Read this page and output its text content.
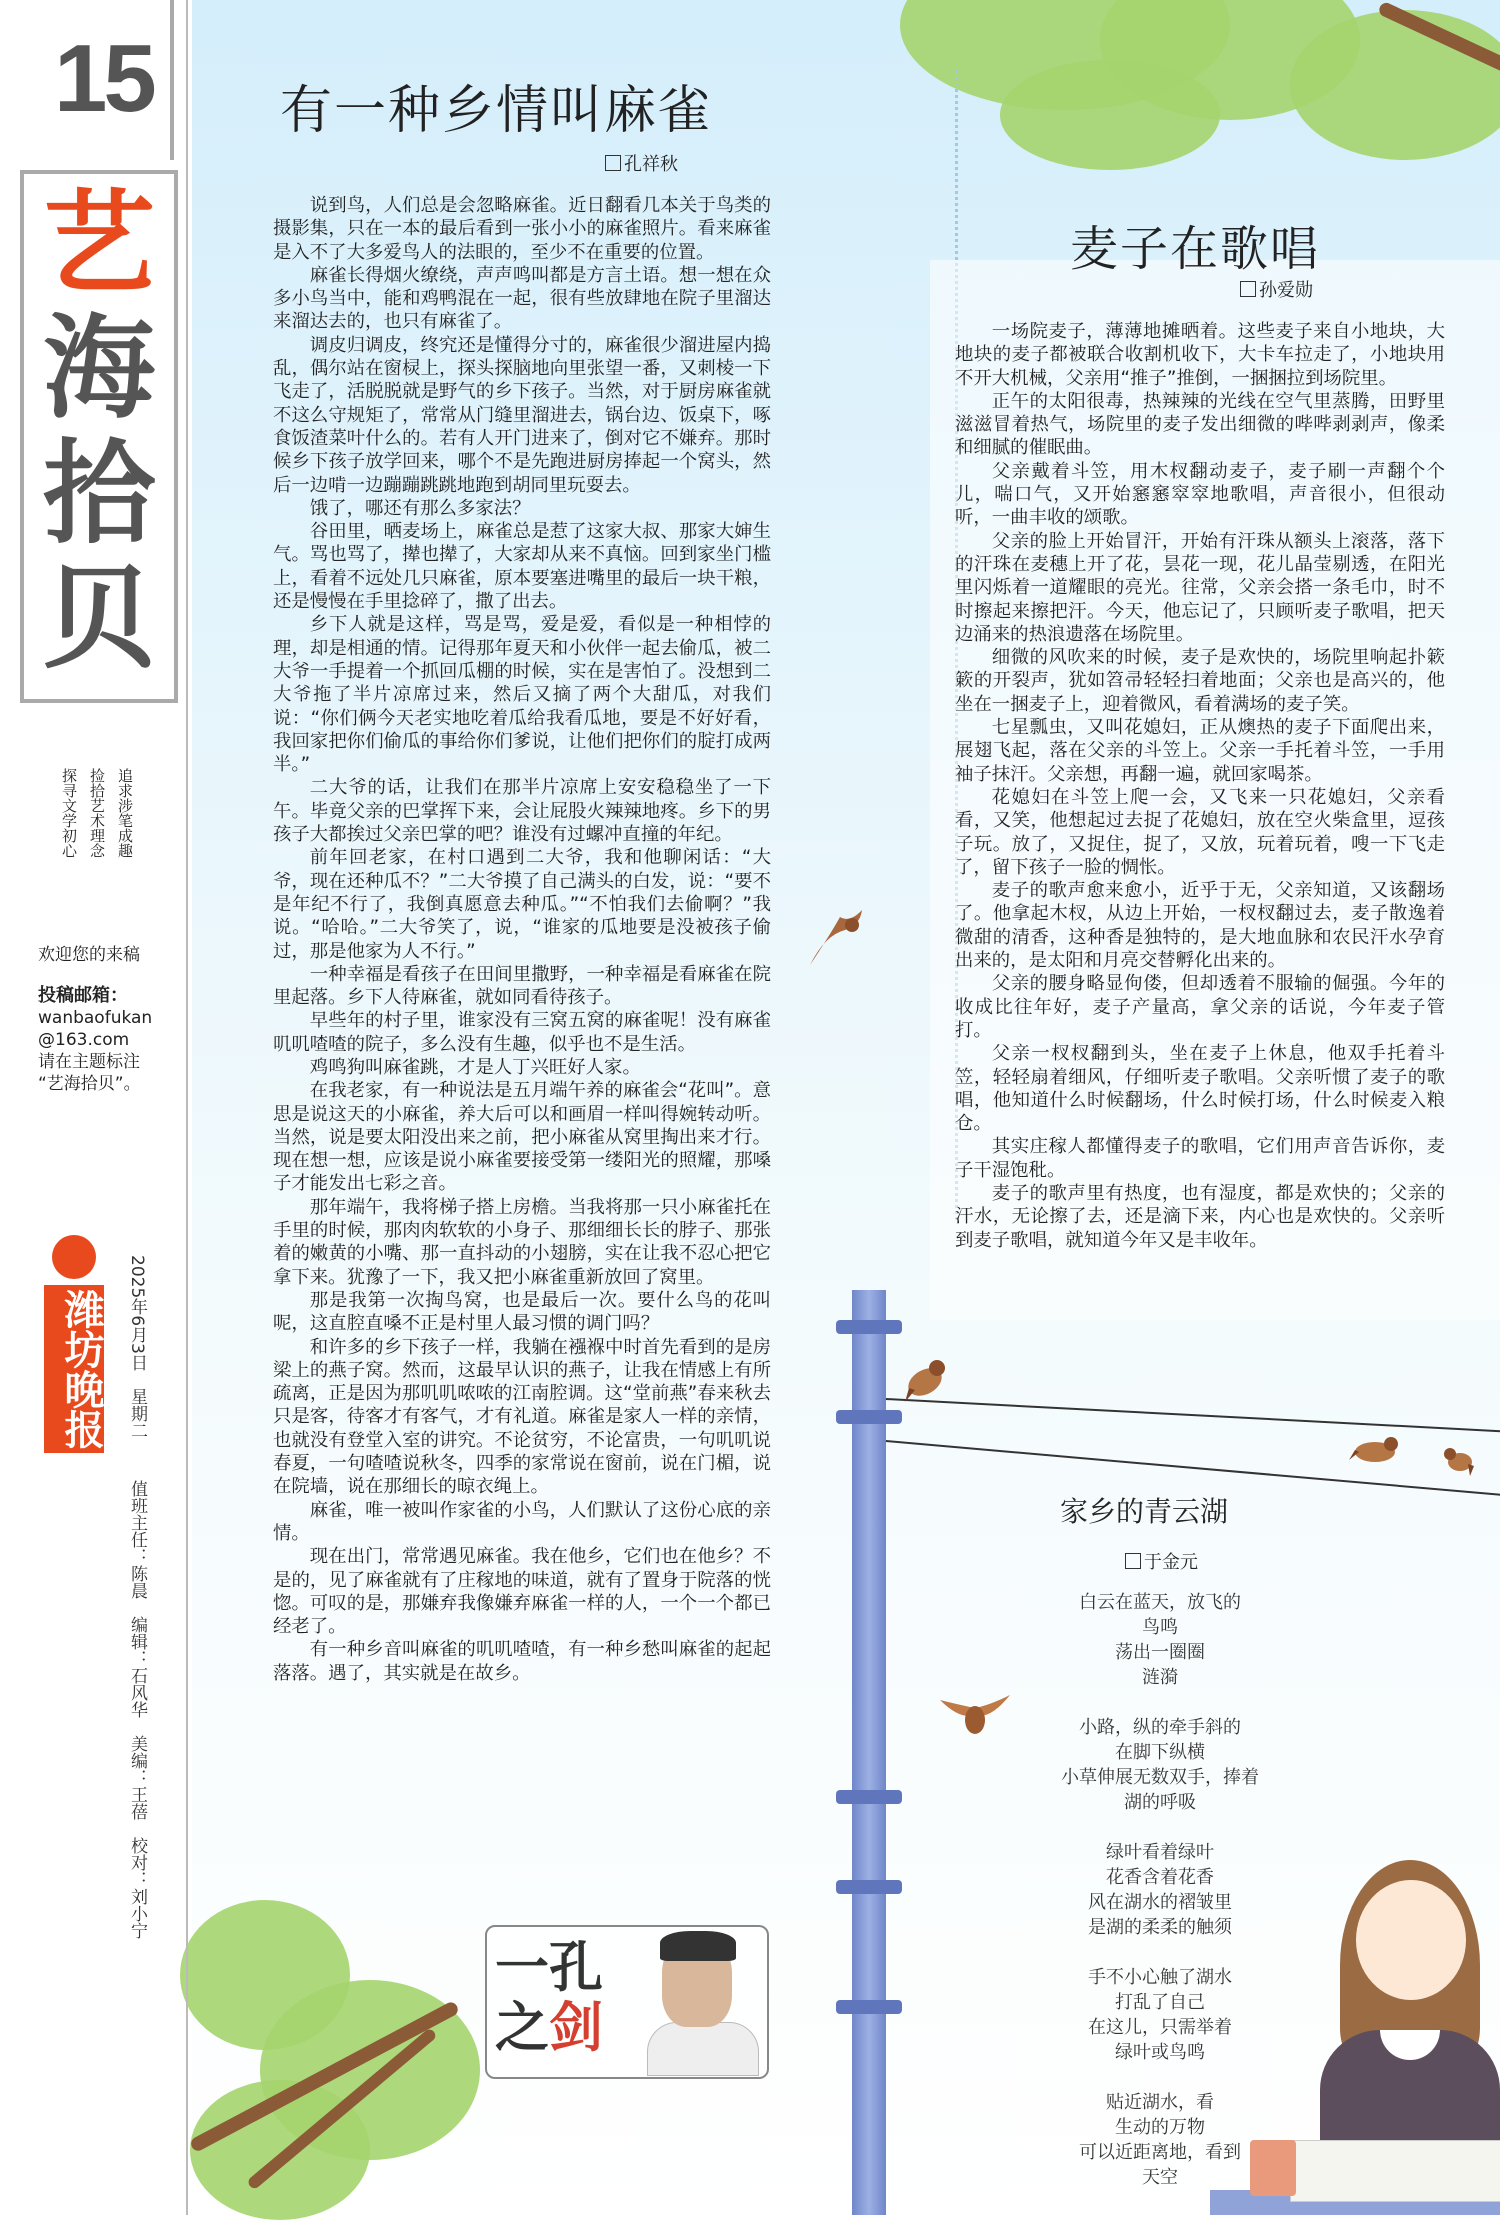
15
艺
海
拾
贝
追求涉笔成趣
捡拾艺术理念
探寻文学初心
欢迎您的来稿
投稿邮箱：
wanbaofukan
@163.com
请在主题标注
“艺海拾贝”。
潍坊晚报	2025年6月3日　星期二
值班主任：陈晨　编辑：石风华　美编：王蓓　校对：刘小宁
有一种乡情叫麻雀
孔祥秋

说到鸟，人们总是会忽略麻雀。近日翻看几本关于鸟类的摄影集，只在一本的最后看到一张小小的麻雀照片。看来麻雀是入不了大多爱鸟人的法眼的，至少不在重要的位置。

麻雀长得烟火缭绕，声声鸣叫都是方言土语。想一想在众多小鸟当中，能和鸡鸭混在一起，很有些放肆地在院子里溜达来溜达去的，也只有麻雀了。

调皮归调皮，终究还是懂得分寸的，麻雀很少溜进屋内捣乱，偶尔站在窗棂上，探头探脑地向里张望一番，又刺棱一下飞走了，活脱脱就是野气的乡下孩子。当然，对于厨房麻雀就不这么守规矩了，常常从门缝里溜进去，锅台边、饭桌下，啄食饭渣菜叶什么的。若有人开门进来了，倒对它不嫌弃。那时候乡下孩子放学回来，哪个不是先跑进厨房捧起一个窝头，然后一边啃一边蹦蹦跳跳地跑到胡同里玩耍去。

饿了，哪还有那么多家法？

谷田里，晒麦场上，麻雀总是惹了这家大叔、那家大婶生气。骂也骂了，撵也撵了，大家却从来不真恼。回到家坐门槛上，看着不远处几只麻雀，原本要塞进嘴里的最后一块干粮，还是慢慢在手里捻碎了，撒了出去。

乡下人就是这样，骂是骂，爱是爱，看似是一种相悖的理，却是相通的情。记得那年夏天和小伙伴一起去偷瓜，被二大爷一手提着一个抓回瓜棚的时候，实在是害怕了。没想到二大爷拖了半片凉席过来，然后又摘了两个大甜瓜，对我们说：“你们俩今天老实地吃着瓜给我看瓜地，要是不好好看，我回家把你们偷瓜的事给你们爹说，让他们把你们的腚打成两半。”

二大爷的话，让我们在那半片凉席上安安稳稳坐了一下午。毕竟父亲的巴掌挥下来，会让屁股火辣辣地疼。乡下的男孩子大都挨过父亲巴掌的吧？谁没有过螺冲直撞的年纪。

前年回老家，在村口遇到二大爷，我和他聊闲话：“大爷，现在还种瓜不？”二大爷摸了自己满头的白发，说：“要不是年纪不行了，我倒真愿意去种瓜。”“不怕我们去偷啊？”我说。“哈哈。”二大爷笑了，说，“谁家的瓜地要是没被孩子偷过，那是他家为人不行。”

一种幸福是看孩子在田间里撒野，一种幸福是看麻雀在院里起落。乡下人待麻雀，就如同看待孩子。

早些年的村子里，谁家没有三窝五窝的麻雀呢！没有麻雀叽叽喳喳的院子，多么没有生趣，似乎也不是生活。

鸡鸣狗叫麻雀跳，才是人丁兴旺好人家。

在我老家，有一种说法是五月端午养的麻雀会“花叫”。意思是说这天的小麻雀，养大后可以和画眉一样叫得婉转动听。当然，说是要太阳没出来之前，把小麻雀从窝里掏出来才行。现在想一想，应该是说小麻雀要接受第一缕阳光的照耀，那嗓子才能发出七彩之音。

那年端午，我将梯子搭上房檐。当我将那一只小麻雀托在手里的时候，那肉肉软软的小身子、那细细长长的脖子、那张着的嫩黄的小嘴、那一直抖动的小翅膀，实在让我不忍心把它拿下来。犹豫了一下，我又把小麻雀重新放回了窝里。

那是我第一次掏鸟窝，也是最后一次。要什么鸟的花叫呢，这直腔直嗓不正是村里人最习惯的调门吗？

和许多的乡下孩子一样，我躺在襁褓中时首先看到的是房梁上的燕子窝。然而，这最早认识的燕子，让我在情感上有所疏离，正是因为那叽叽哝哝的江南腔调。这“堂前燕”春来秋去只是客，待客才有客气，才有礼道。麻雀是家人一样的亲情，也就没有登堂入室的讲究。不论贫穷，不论富贵，一句叽叽说春夏，一句喳喳说秋冬，四季的家常说在窗前，说在门楣，说在院墙，说在那细长的晾衣绳上。

麻雀，唯一被叫作家雀的小鸟，人们默认了这份心底的亲情。

现在出门，常常遇见麻雀。我在他乡，它们也在他乡？不是的，见了麻雀就有了庄稼地的味道，就有了置身于院落的恍惚。可叹的是，那嫌弃我像嫌弃麻雀一样的人，一个一个都已经老了。

有一种乡音叫麻雀的叽叽喳喳，有一种乡愁叫麻雀的起起落落。遇了，其实就是在故乡。

麦子在歌唱
孙爱勋

一场院麦子，薄薄地摊晒着。这些麦子来自小地块，大地块的麦子都被联合收割机收下，大卡车拉走了，小地块用不开大机械，父亲用“推子”推倒，一捆捆拉到场院里。

正午的太阳很毒，热辣辣的光线在空气里蒸腾，田野里滋滋冒着热气，场院里的麦子发出细微的哔哔剥剥声，像柔和细腻的催眠曲。

父亲戴着斗笠，用木杈翻动麦子，麦子刷一声翻个个儿，喘口气，又开始窸窸窣窣地歌唱，声音很小，但很动听，一曲丰收的颂歌。

父亲的脸上开始冒汗，开始有汗珠从额头上滚落，落下的汗珠在麦穗上开了花，昙花一现，花儿晶莹剔透，在阳光里闪烁着一道耀眼的亮光。往常，父亲会搭一条毛巾，时不时擦起来擦把汗。今天，他忘记了，只顾听麦子歌唱，把天边涌来的热浪遗落在场院里。

细微的风吹来的时候，麦子是欢快的，场院里响起扑簌簌的开裂声，犹如笤帚轻轻扫着地面；父亲也是高兴的，他坐在一捆麦子上，迎着微风，看着满场的麦子笑。

七星瓢虫，又叫花媳妇，正从燠热的麦子下面爬出来，展翅飞起，落在父亲的斗笠上。父亲一手托着斗笠，一手用袖子抹汗。父亲想，再翻一遍，就回家喝茶。

花媳妇在斗笠上爬一会，又飞来一只花媳妇，父亲看看，又笑，他想起过去捉了花媳妇，放在空火柴盒里，逗孩子玩。放了，又捉住，捉了，又放，玩着玩着，嗖一下飞走了，留下孩子一脸的惆怅。

麦子的歌声愈来愈小，近乎于无，父亲知道，又该翻场了。他拿起木杈，从边上开始，一杈杈翻过去，麦子散逸着微甜的清香，这种香是独特的，是大地血脉和农民汗水孕育出来的，是太阳和月亮交替孵化出来的。

父亲的腰身略显佝偻，但却透着不服输的倔强。今年的收成比往年好，麦子产量高，拿父亲的话说，今年麦子管打。

父亲一杈杈翻到头，坐在麦子上休息，他双手托着斗笠，轻轻扇着细风，仔细听麦子歌唱。父亲听惯了麦子的歌唱，他知道什么时候翻场，什么时候打场，什么时候麦入粮仓。

其实庄稼人都懂得麦子的歌唱，它们用声音告诉你，麦子干湿饱秕。

麦子的歌声里有热度，也有湿度，都是欢快的；父亲的汗水，无论擦了去，还是滴下来，内心也是欢快的。父亲听到麦子歌唱，就知道今年又是丰收年。

家乡的青云湖
于金元

白云在蓝天，放飞的
鸟鸣
荡出一圈圈
涟漪

小路，纵的牵手斜的
在脚下纵横
小草伸展无数双手，捧着
湖的呼吸

绿叶看着绿叶
花香含着花香
风在湖水的褶皱里
是湖的柔柔的触须

手不小心触了湖水
打乱了自己
在这儿，只需举着
绿叶或鸟鸣

贴近湖水，看
生动的万物
可以近距离地，看到
天空

一孔
之剑
